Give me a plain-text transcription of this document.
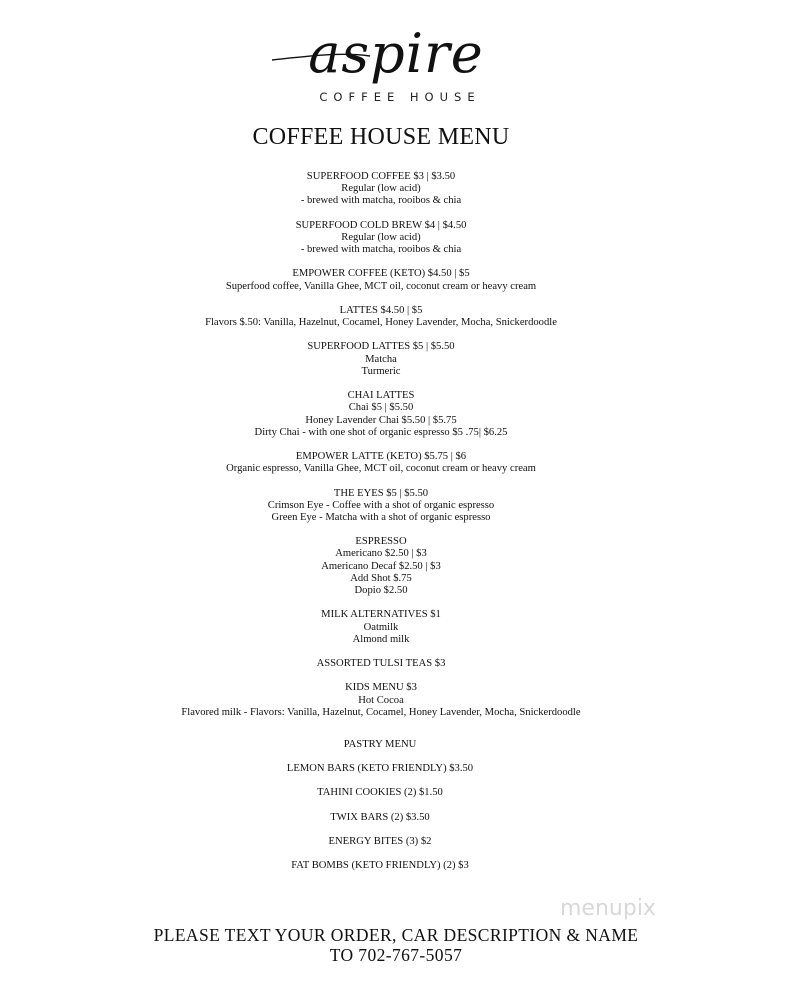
aspire
COFFEE HOUSE
COFFEE HOUSE MENU
SUPERFOOD COFFEE $3 | $3.50
Regular (low acid)
- brewed with matcha, rooibos & chia
SUPERFOOD COLD BREW $4 | $4.50
Regular (low acid)
- brewed with matcha, rooibos & chia
EMPOWER COFFEE (KETO) $4.50 | $5
Superfood coffee, Vanilla Ghee, MCT oil, coconut cream or heavy cream
LATTES $4.50 | $5
Flavors $.50: Vanilla, Hazelnut, Cocamel, Honey Lavender, Mocha, Snickerdoodle
SUPERFOOD LATTES $5 | $5.50
Matcha
Turmeric
CHAI LATTES
Chai $5 | $5.50
Honey Lavender Chai $5.50 | $5.75
Dirty Chai - with one shot of organic espresso $5 .75| $6.25
EMPOWER LATTE (KETO) $5.75 | $6
Organic espresso, Vanilla Ghee, MCT oil, coconut cream or heavy cream
THE EYES $5 | $5.50
Crimson Eye - Coffee with a shot of organic espresso
Green Eye - Matcha with a shot of organic espresso
ESPRESSO
Americano $2.50 | $3
Americano Decaf $2.50 | $3
Add Shot $.75
Dopio $2.50
MILK ALTERNATIVES $1
Oatmilk
Almond milk
ASSORTED TULSI TEAS $3
KIDS MENU $3
Hot Cocoa
Flavored milk - Flavors: Vanilla, Hazelnut, Cocamel, Honey Lavender, Mocha, Snickerdoodle
PASTRY MENU
LEMON BARS (KETO FRIENDLY) $3.50
TAHINI COOKIES (2) $1.50
TWIX BARS (2) $3.50
ENERGY BITES (3) $2
FAT BOMBS (KETO FRIENDLY) (2) $3
menupix
PLEASE TEXT YOUR ORDER, CAR DESCRIPTION & NAME
TO 702-767-5057
